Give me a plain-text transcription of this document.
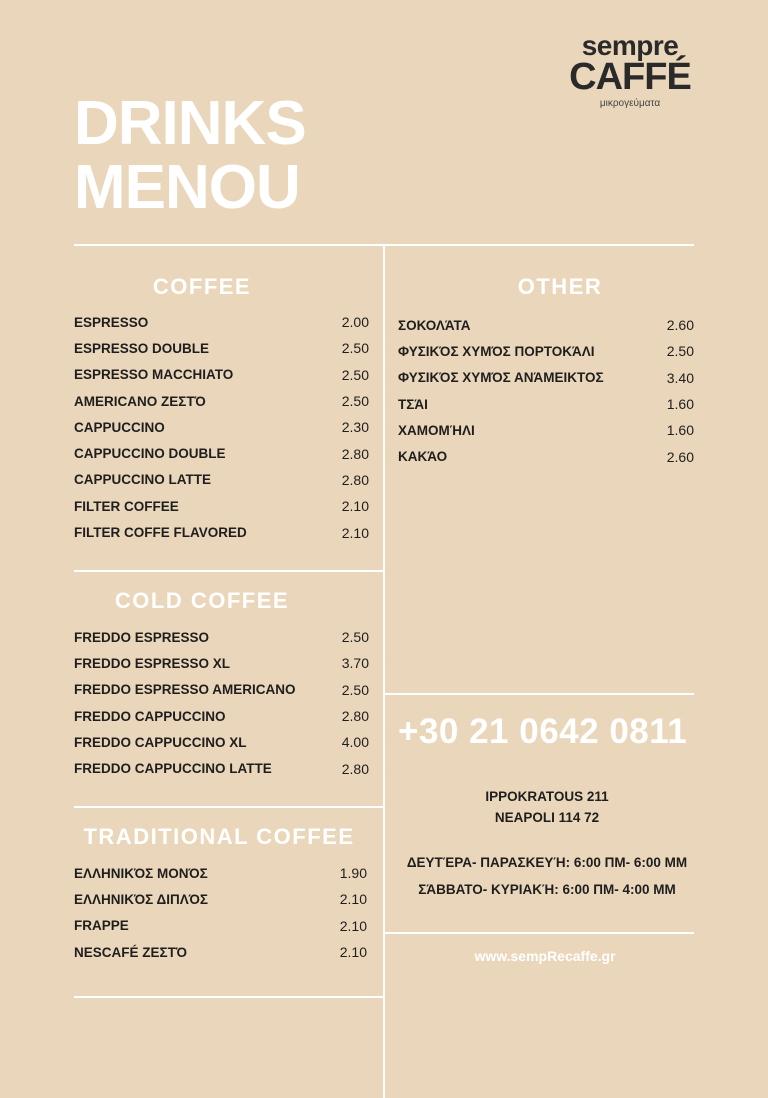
DRINKS
MENOU
sempre
CAFFÉ
μικρογεύματα
COFFEE
ESPRESSO	2.00
ESPRESSO DOUBLE	2.50
ESPRESSO MACCHIATO	2.50
AMERICANO ΖΕΣΤΌ	2.50
CAPPUCCINO	2.30
CAPPUCCINO DOUBLE	2.80
CAPPUCCINO LATTE	2.80
FILTER COFFEE	2.10
FILTER COFFE FLAVORED	2.10
COLD COFFEE
FREDDO ESPRESSO	2.50
FREDDO ESPRESSO XL	3.70
FREDDO ESPRESSO AMERICANO	2.50
FREDDO CAPPUCCINO	2.80
FREDDO CAPPUCCINO XL	4.00
FREDDO CAPPUCCINO LATTE	2.80
TRADITIONAL COFFEE
ΕΛΛΗΝΙΚΌΣ ΜΟΝΌΣ	1.90
ΕΛΛΗΝΙΚΌΣ ΔΙΠΛΌΣ	2.10
FRAPPE	2.10
NESCAFÉ ΖΕΣΤΌ	2.10
OTHER
ΣΟΚΟΛΆΤΑ	2.60
ΦΥΣΙΚΌΣ ΧΥΜΌΣ ΠΟΡΤΟΚΆΛΙ	2.50
ΦΥΣΙΚΌΣ ΧΥΜΌΣ ΑΝΆΜΕΙΚΤΟΣ	3.40
ΤΣΆΙ	1.60
ΧΑΜΟΜΉΛΙ	1.60
ΚΑΚΆΟ	2.60

+30 21 0642 0811

IPPOKRATOUS 211
NEAPOLI 114 72
ΔΕΥΤΈΡΑ- ΠΑΡΑΣΚΕΥΉ: 6:00 ΠΜ- 6:00 ΜΜ
ΣΆΒΒΑΤΟ- ΚΥΡΙΑΚΉ: 6:00 ΠΜ- 4:00 ΜΜ
www.sempRecaffe.gr
